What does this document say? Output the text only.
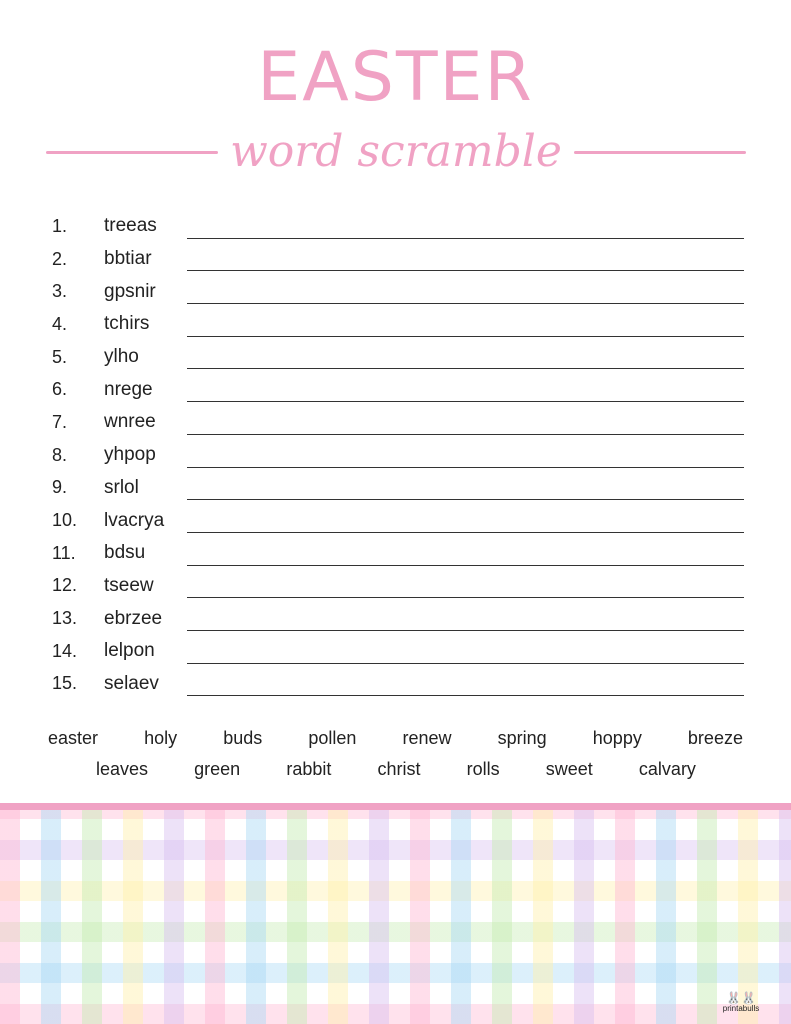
EASTER
word scramble
1.	treeas
2.	bbtiar
3.	gpsnir
4.	tchirs
5.	ylho
6.	nrege
7.	wnree
8.	yhpop
9.	srlol
10.	lvacrya
11.	bdsu
12.	tseew
13.	ebrzee
14.	lelpon
15.	selaev
easter	holy	buds	pollen	renew	spring	hoppy	breeze
leaves	green	rabbit	christ	rolls	sweet	calvary
🐰🐰
printabulls
